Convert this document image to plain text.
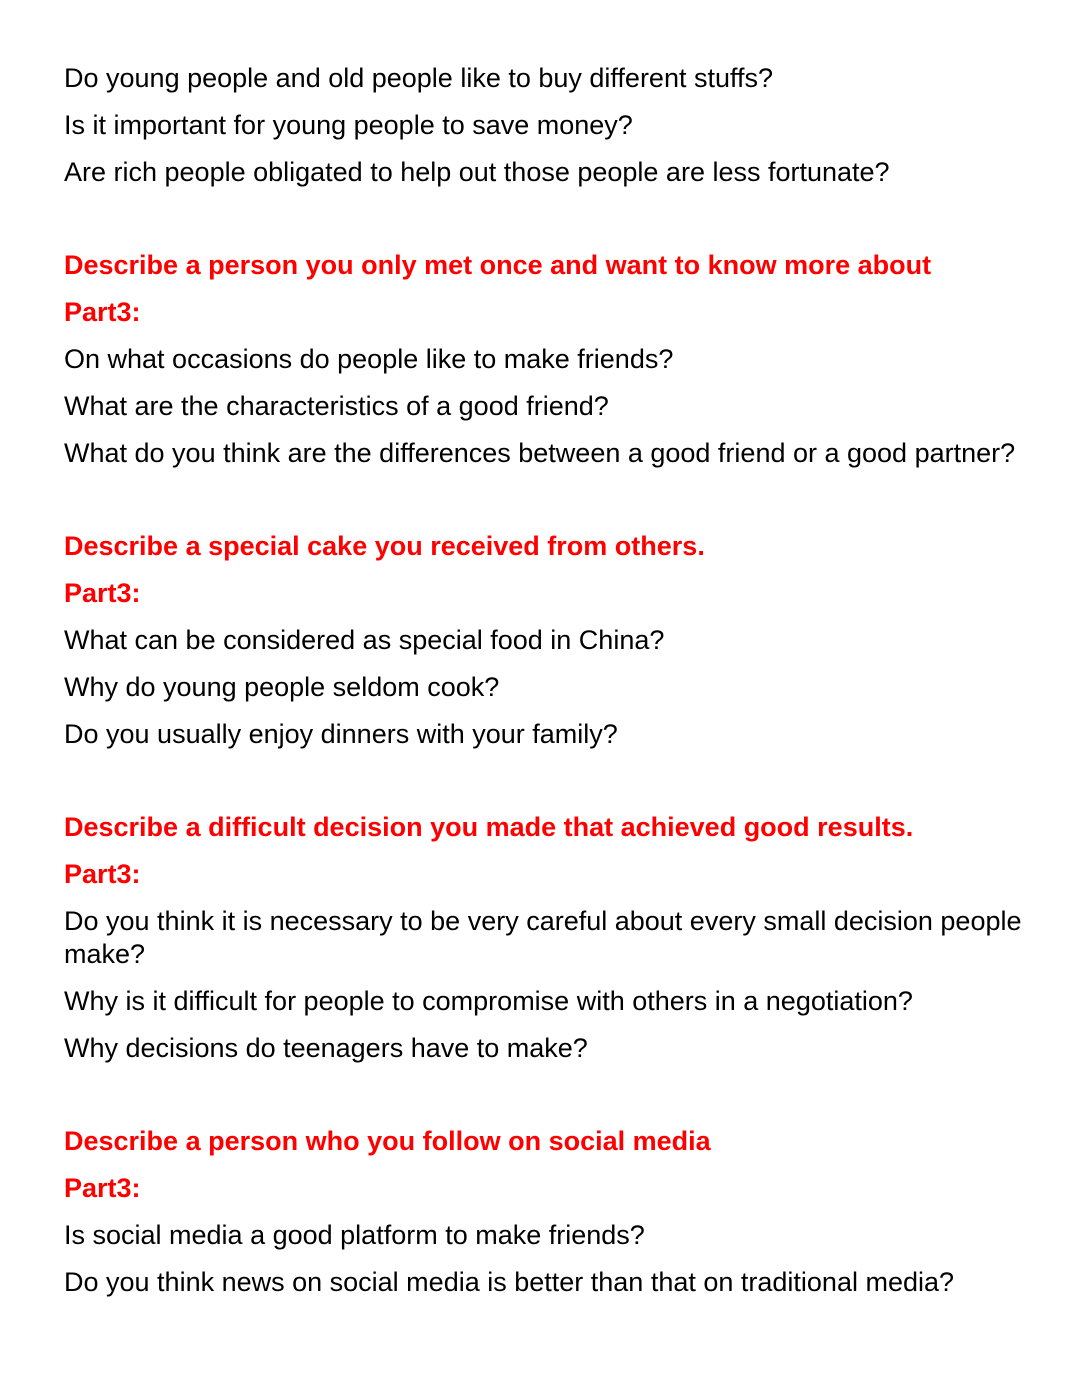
Do young people and old people like to buy different stuffs?

Is it important for young people to save money?

Are rich people obligated to help out those people are less fortunate?

Describe a person you only met once and want to know more about

Part3:

On what occasions do people like to make friends?

What are the characteristics of a good friend?

What do you think are the differences between a good friend or a good partner?

Describe a special cake you received from others.

Part3:

What can be considered as special food in China?

Why do young people seldom cook?

Do you usually enjoy dinners with your family?

Describe a difficult decision you made that achieved good results.

Part3:

Do you think it is necessary to be very careful about every small decision people make?

Why is it difficult for people to compromise with others in a negotiation?

Why decisions do teenagers have to make?

Describe a person who you follow on social media

Part3:

Is social media a good platform to make friends?

Do you think news on social media is better than that on traditional media?
